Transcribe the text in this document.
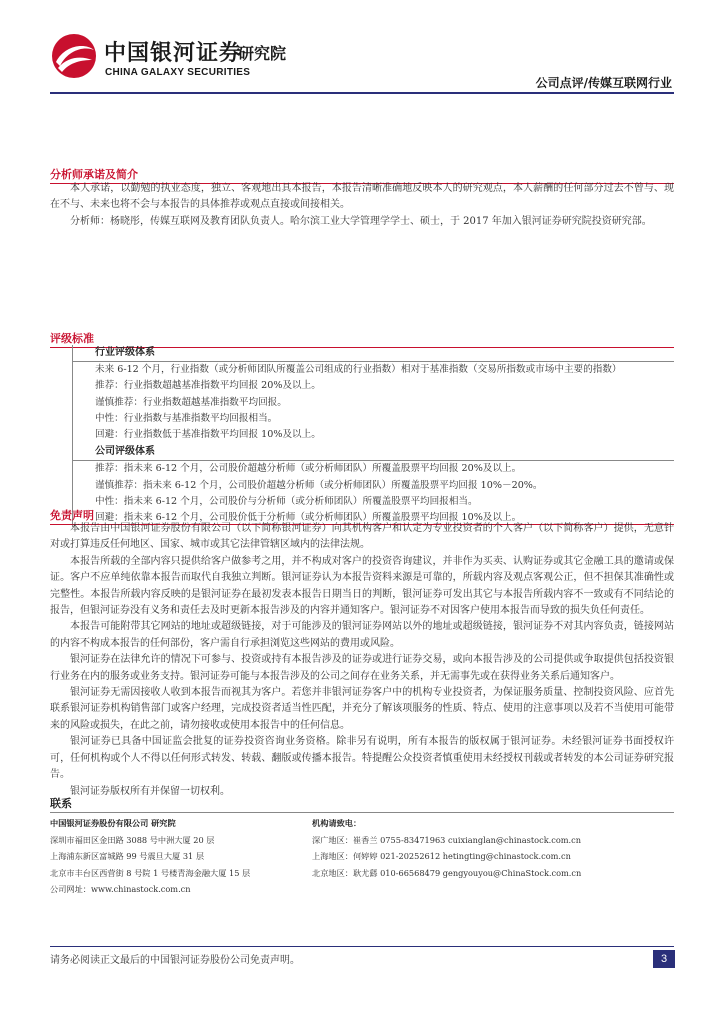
中国银河证券
CHINA GALAXY SECURITIES
研究院
公司点评/传媒互联网行业
分析师承诺及简介

本人承诺，以勤勉的执业态度，独立、客观地出具本报告，本报告清晰准确地反映本人的研究观点，本人薪酬的任何部分过去不曾与、现在不与、未来也将不会与本报告的具体推荐或观点直接或间接相关。

分析师：杨晓彤，传媒互联网及教育团队负责人。哈尔滨工业大学管理学学士、硕士，于 2017 年加入银河证券研究院投资研究部。

评级标准
行业评级体系
未来 6-12 个月，行业指数（或分析师团队所覆盖公司组成的行业指数）相对于基准指数（交易所指数或市场中主要的指数）
推荐：行业指数超越基准指数平均回报 20%及以上。
谨慎推荐：行业指数超越基准指数平均回报。
中性：行业指数与基准指数平均回报相当。
回避：行业指数低于基准指数平均回报 10%及以上。
公司评级体系
推荐：指未来 6-12 个月，公司股价超越分析师（或分析师团队）所覆盖股票平均回报 20%及以上。
谨慎推荐：指未来 6-12 个月，公司股价超越分析师（或分析师团队）所覆盖股票平均回报 10%－20%。
中性：指未来 6-12 个月，公司股价与分析师（或分析师团队）所覆盖股票平均回报相当。
回避：指未来 6-12 个月，公司股价低于分析师（或分析师团队）所覆盖股票平均回报 10%及以上。
免责声明

本报告由中国银河证券股份有限公司（以下简称银河证券）向其机构客户和认定为专业投资者的个人客户（以下简称客户）提供，无意针对或打算违反任何地区、国家、城市或其它法律管辖区域内的法律法规。

本报告所载的全部内容只提供给客户做参考之用，并不构成对客户的投资咨询建议，并非作为买卖、认购证券或其它金融工具的邀请或保证。客户不应单纯依靠本报告而取代自我独立判断。银河证券认为本报告资料来源是可靠的，所载内容及观点客观公正，但不担保其准确性或完整性。本报告所载内容反映的是银河证券在最初发表本报告日期当日的判断，银河证券可发出其它与本报告所载内容不一致或有不同结论的报告，但银河证券没有义务和责任去及时更新本报告涉及的内容并通知客户。银河证券不对因客户使用本报告而导致的损失负任何责任。

本报告可能附带其它网站的地址或超级链接，对于可能涉及的银河证券网站以外的地址或超级链接，银河证券不对其内容负责，链接网站的内容不构成本报告的任何部份，客户需自行承担浏览这些网站的费用或风险。

银河证券在法律允许的情况下可参与、投资或持有本报告涉及的证券或进行证券交易，或向本报告涉及的公司提供或争取提供包括投资银行业务在内的服务或业务支持。银河证券可能与本报告涉及的公司之间存在业务关系，并无需事先或在获得业务关系后通知客户。

银河证券无需因接收人收到本报告而视其为客户。若您并非银河证券客户中的机构专业投资者，为保证服务质量、控制投资风险、应首先联系银河证券机构销售部门或客户经理，完成投资者适当性匹配，并充分了解该项服务的性质、特点、使用的注意事项以及若不当使用可能带来的风险或损失，在此之前，请勿接收或使用本报告中的任何信息。

银河证券已具备中国证监会批复的证券投资咨询业务资格。除非另有说明，所有本报告的版权属于银河证券。未经银河证券书面授权许可，任何机构或个人不得以任何形式转发、转载、翻版或传播本报告。特提醒公众投资者慎重使用未经授权刊载或者转发的本公司证券研究报告。

银河证券版权所有并保留一切权利。

联系
中国银河证券股份有限公司 研究院
深圳市福田区金田路 3088 号中洲大厦 20 层
上海浦东新区富城路 99 号震旦大厦 31 层
北京市丰台区西营街 8 号院 1 号楼青海金融大厦 15 层
公司网址：www.chinastock.com.cn
机构请致电：
深广地区：崔香兰 0755-83471963 cuixianglan@chinastock.com.cn
上海地区：何婷婷 021-20252612 hetingting@chinastock.com.cn
北京地区：耿尤繇 010-66568479 gengyouyou@ChinaStock.com.cn
请务必阅读正文最后的中国银河证券股份公司免责声明。	3
